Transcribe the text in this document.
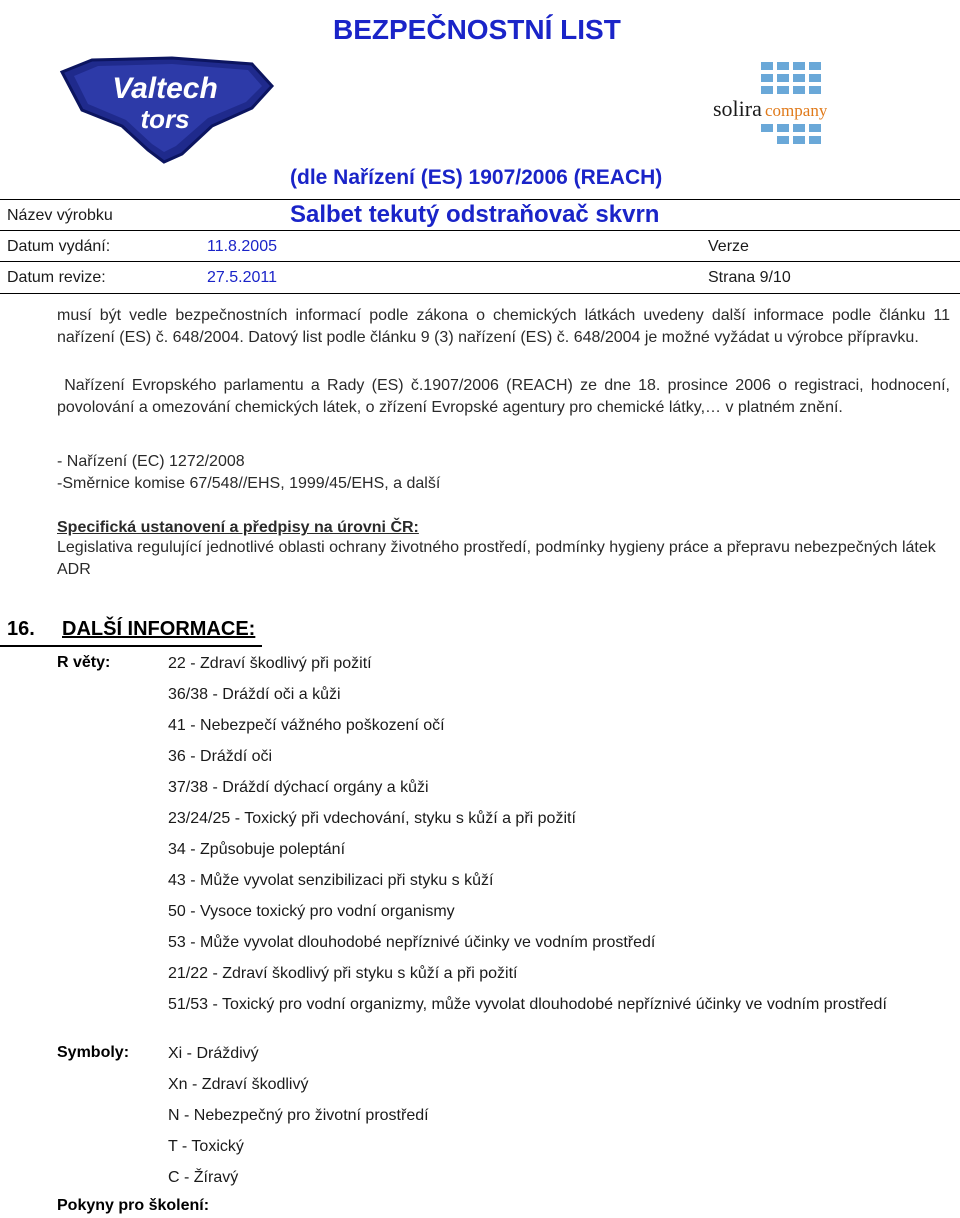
BEZPEČNOSTNÍ LIST
Valtech
tors	solira company
(dle Nařízení (ES) 1907/2006 (REACH)
Název výrobku	Salbet tekutý odstraňovač skvrn
Datum vydání:	11.8.2005	Verze
Datum revize:	27.5.2011	Strana 9/10
musí být vedle bezpečnostních informací podle zákona o chemických látkách uvedeny další informace podle článku 11 nařízení (ES) č. 648/2004. Datový list podle článku 9 (3) nařízení (ES) č. 648/2004 je možné vyžádat u výrobce přípravku.
Nařízení Evropského parlamentu a Rady (ES) č.1907/2006 (REACH) ze dne 18. prosince 2006 o registraci, hodnocení, povolování a omezování chemických látek, o zřízení Evropské agentury pro chemické látky,… v platném znění.
- Nařízení (EC) 1272/2008
-Směrnice komise 67/548//EHS, 1999/45/EHS, a další
Specifická ustanovení a předpisy na úrovni ČR:
Legislativa regulující jednotlivé oblasti ochrany životného prostředí, podmínky hygieny práce a přepravu nebezpečných látek ADR
16. DALŠÍ INFORMACE:
R věty:	22 - Zdraví škodlivý při požití
36/38 - Dráždí oči a kůži
41 - Nebezpečí vážného poškození očí
36 - Dráždí oči
37/38 - Dráždí dýchací orgány a kůži
23/24/25 - Toxický při vdechování, styku s kůží a při požití
34 - Způsobuje poleptání
43 - Může vyvolat senzibilizaci při styku s kůží
50 - Vysoce toxický pro vodní organismy
53 - Může vyvolat dlouhodobé nepříznivé účinky ve vodním prostředí
21/22 - Zdraví škodlivý při styku s kůží a při požití
51/53 - Toxický pro vodní organizmy, může vyvolat dlouhodobé nepříznivé účinky ve vodním prostředí
Symboly: Xi - Dráždivý
Xn - Zdraví škodlivý
N - Nebezpečný pro životní prostředí
T - Toxický
C - Žíravý
Pokyny pro školení:
